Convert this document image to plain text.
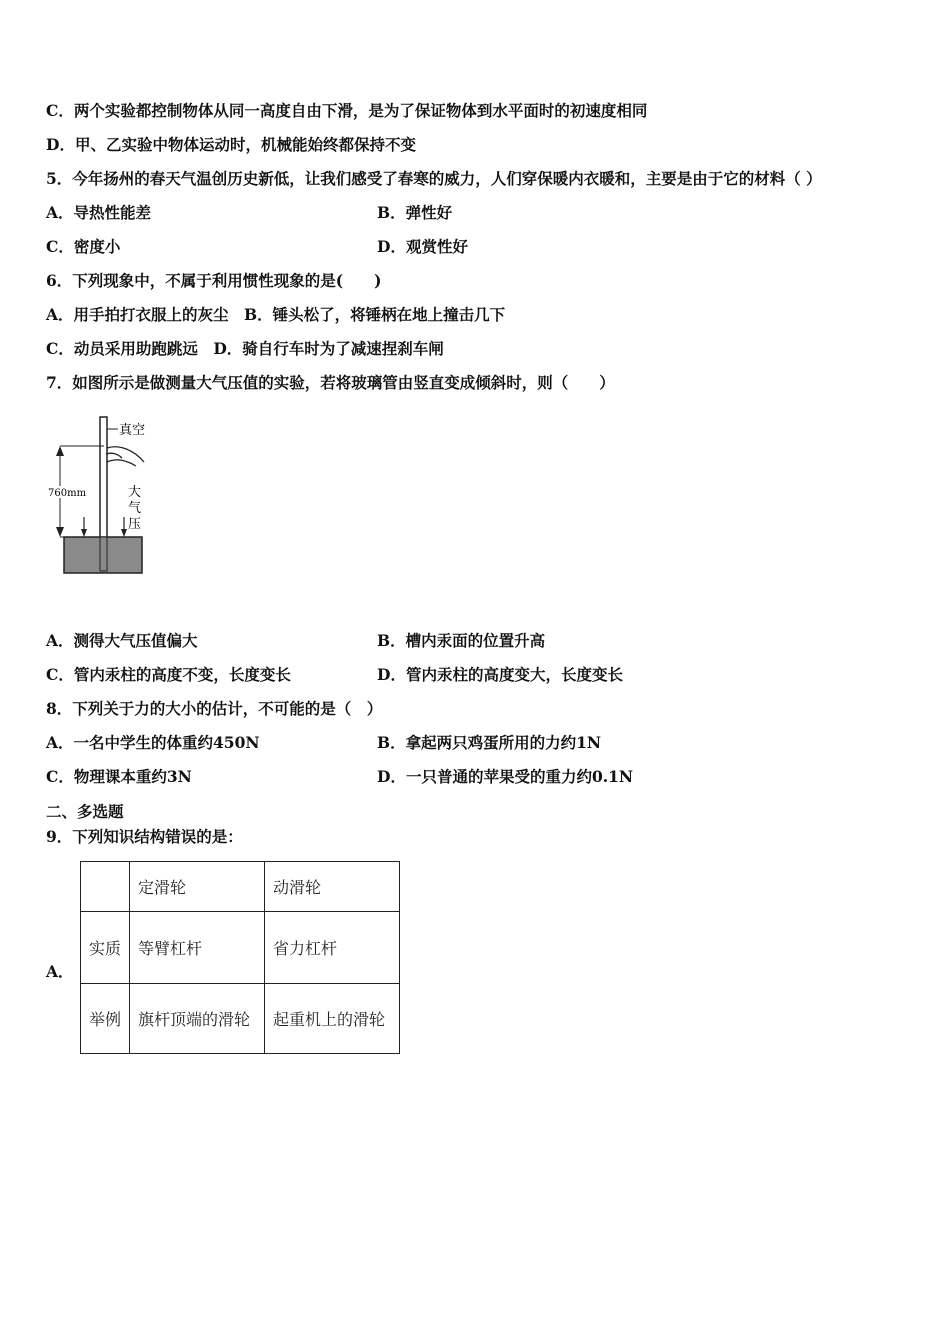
C．两个实验都控制物体从同一高度自由下滑，是为了保证物体到水平面时的初速度相同
D．甲、乙实验中物体运动时，机械能始终都保持不变
5．今年扬州的春天气温创历史新低，让我们感受了春寒的威力，人们穿保暖内衣暖和，主要是由于它的材料（ ）
A．导热性能差	B．弹性好
C．密度小	D．观赏性好
6．下列现象中，不属于利用惯性现象的是(　　)
A．用手拍打衣服上的灰尘　B．锤头松了，将锤柄在地上撞击几下
C．动员采用助跑跳远　D．骑自行车时为了减速捏刹车闸
7．如图所示是做测量大气压值的实验，若将玻璃管由竖直变成倾斜时，则（　　）
760mm
真空
大
气
压
A．测得大气压值偏大	B．槽内汞面的位置升高
C．管内汞柱的高度不变，长度变长	D．管内汞柱的高度变大，长度变长
8．下列关于力的大小的估计，不可能的是（　）
A．一名中学生的体重约450N	B．拿起两只鸡蛋所用的力约1N
C．物理课本重约3N	D．一只普通的苹果受的重力约0.1N
二、多选题
9．下列知识结构错误的是：
A．
	定滑轮	动滑轮
实质	等臂杠杆	省力杠杆
举例	旗杆顶端的滑轮	起重机上的滑轮
